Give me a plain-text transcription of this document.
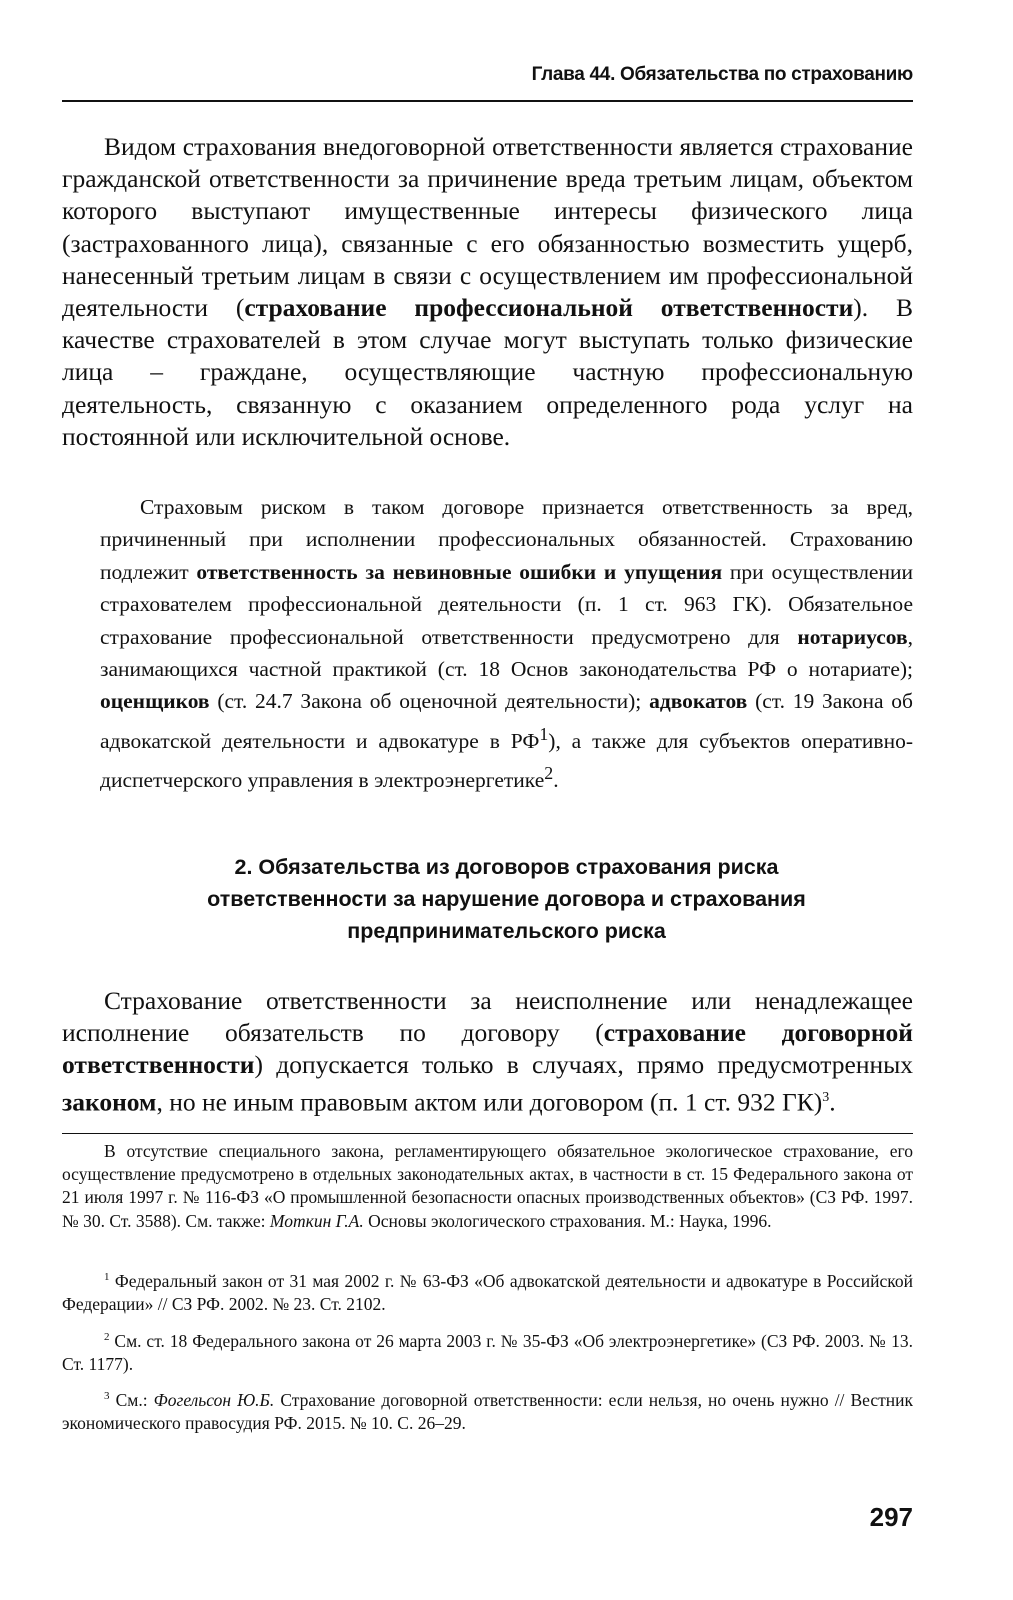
Глава 44. Обязательства по страхованию

Видом страхования внедоговорной ответственности является страхование гражданской ответственности за причинение вреда третьим лицам, объектом которого выступают имущественные интересы физического лица (застрахованного лица), связанные с его обязанностью возместить ущерб, нанесенный третьим лицам в связи с осуществлением им профессиональной деятельности (страхование профессиональной ответственности). В качестве страхователей в этом случае могут выступать только физические лица – граждане, осуществляющие частную профессиональную деятельность, связанную с оказанием определенного рода услуг на постоянной или исключительной основе.

Страховым риском в таком договоре признается ответственность за вред, причиненный при исполнении профессиональных обязанностей. Страхованию подлежит ответственность за невиновные ошибки и упущения при осуществлении страхователем профессиональной деятельности (п. 1 ст. 963 ГК). Обязательное страхование профессиональной ответственности предусмотрено для нотариусов, занимающихся частной практикой (ст. 18 Основ законодательства РФ о нотариате); оценщиков (ст. 24.7 Закона об оценочной деятельности); адвокатов (ст. 19 Закона об адвокатской деятельности и адвокатуре в $РФ^1$), а также для субъектов оперативно-диспетчерского управления в электроэнергетике$^2$.

2. Обязательства из договоров страхования риска
ответственности за нарушение договора и страхования
предпринимательского риска

Страхование ответственности за неисполнение или ненадлежащее исполнение обязательств по договору (страхование договорной ответственности) допускается только в случаях, прямо предусмотренных законом, но не иным правовым актом или договором (п. 1 ст. 932 ГК)$^3$.

В отсутствие специального закона, регламентирующего обязательное экологическое страхование, его осуществление предусмотрено в отдельных законодательных актах, в частности в ст. 15 Федерального закона от 21 июля 1997 г. № 116-ФЗ «О промышленной безопасности опасных производственных объектов» (СЗ РФ. 1997. № 30. Ст. 3588). См. также: Моткин Г.А. Основы экологического страхования. М.: Наука, 1996.

$^1$ Федеральный закон от 31 мая 2002 г. № 63-ФЗ «Об адвокатской деятельности и адвокатуре в Российской Федерации» // СЗ РФ. 2002. № 23. Ст. 2102.

$^2$ См. ст. 18 Федерального закона от 26 марта 2003 г. № 35-ФЗ «Об электроэнергетике» (СЗ РФ. 2003. № 13. Ст. 1177).

$^3$ См.: Фогельсон Ю.Б. Страхование договорной ответственности: если нельзя, но очень нужно // Вестник экономического правосудия РФ. 2015. № 10. С. 26–29.

297
